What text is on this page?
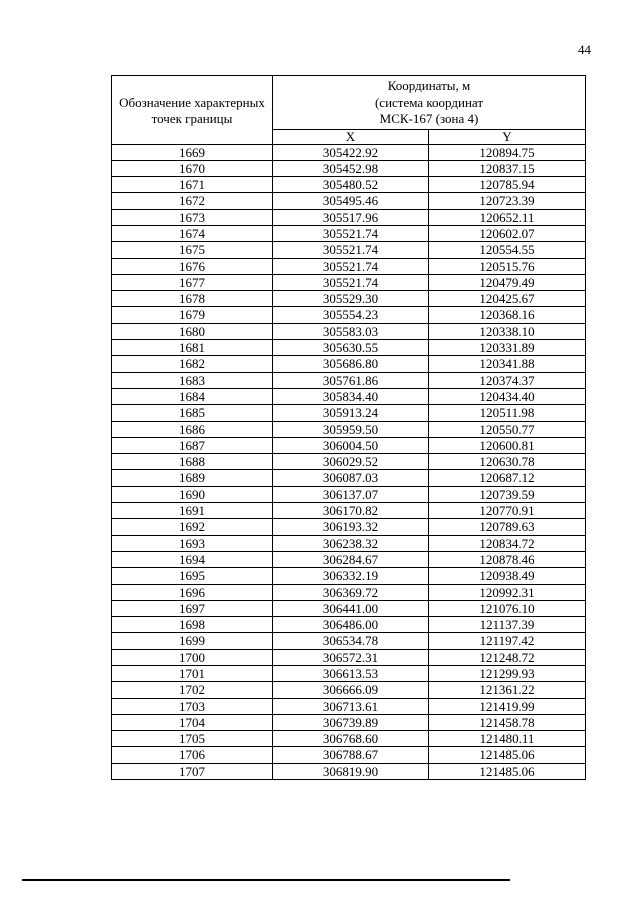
44
Обозначение характерных точек границы	Координаты, м
(система координат
МСК-167 (зона 4)	

	X	Y
1669	305422.92	120894.75
1670	305452.98	120837.15
1671	305480.52	120785.94
1672	305495.46	120723.39
1673	305517.96	120652.11
1674	305521.74	120602.07
1675	305521.74	120554.55
1676	305521.74	120515.76
1677	305521.74	120479.49
1678	305529.30	120425.67
1679	305554.23	120368.16
1680	305583.03	120338.10
1681	305630.55	120331.89
1682	305686.80	120341.88
1683	305761.86	120374.37
1684	305834.40	120434.40
1685	305913.24	120511.98
1686	305959.50	120550.77
1687	306004.50	120600.81
1688	306029.52	120630.78
1689	306087.03	120687.12
1690	306137.07	120739.59
1691	306170.82	120770.91
1692	306193.32	120789.63
1693	306238.32	120834.72
1694	306284.67	120878.46
1695	306332.19	120938.49
1696	306369.72	120992.31
1697	306441.00	121076.10
1698	306486.00	121137.39
1699	306534.78	121197.42
1700	306572.31	121248.72
1701	306613.53	121299.93
1702	306666.09	121361.22
1703	306713.61	121419.99
1704	306739.89	121458.78
1705	306768.60	121480.11
1706	306788.67	121485.06
1707	306819.90	121485.06
